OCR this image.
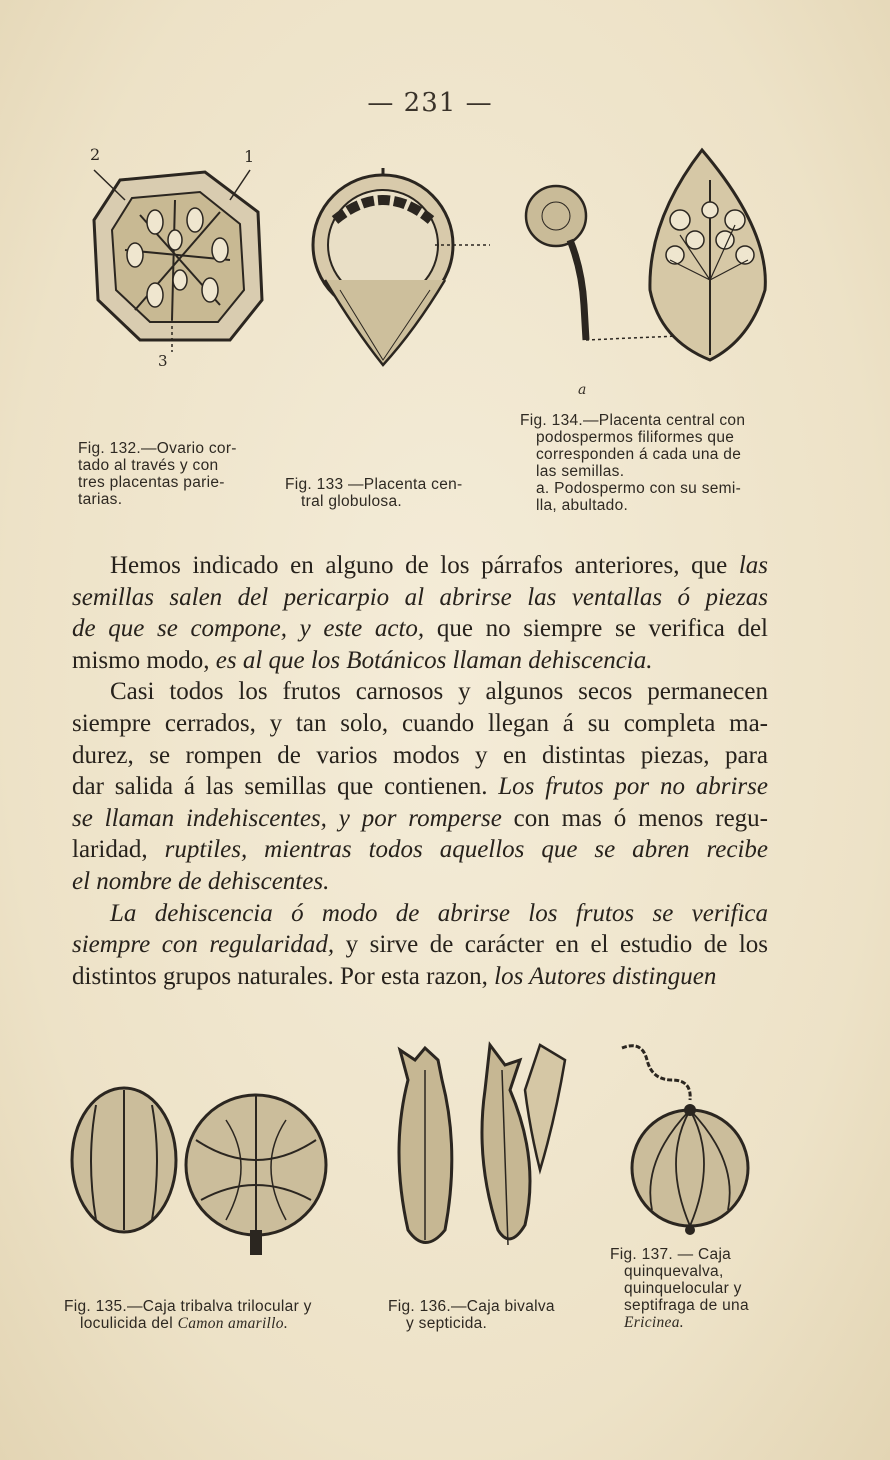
— 231 —
2	1
3
Fig. 132.—Ovario cor-
tado al través y con
tres placentas parie-
tarias.
Fig. 133 —Placenta cen-
tral globulosa.
a
Fig. 134.—Placenta central con
podospermos filiformes que
corresponden á cada una de
las semillas.
a. Podospermo con su semi-
lla, abultado.
Hemos indicado en alguno de los párrafos anteriores, que las
semillas salen del pericarpio al abrirse las ventallas ó piezas
de que se compone, y este acto, que no siempre se verifica del
mismo modo, es al que los Botánicos llaman dehiscencia.
Casi todos los frutos carnosos y algunos secos permanecen
siempre cerrados, y tan solo, cuando llegan á su completa ma-
durez, se rompen de varios modos y en distintas piezas, para
dar salida á las semillas que contienen. Los frutos por no abrirse
se llaman indehiscentes, y por romperse con mas ó menos regu-
laridad, ruptiles, mientras todos aquellos que se abren recibe
el nombre de dehiscentes.
La dehiscencia ó modo de abrirse los frutos se verifica
siempre con regularidad, y sirve de carácter en el estudio de los
distintos grupos naturales. Por esta razon, los Autores distinguen
Fig. 135.—Caja tribalva trilocular y
loculicida del Camon amarillo.
Fig. 136.—Caja bivalva
y septicida.
Fig. 137. — Caja
quinquevalva,
quinquelocular y
septifraga de una
Ericinea.
